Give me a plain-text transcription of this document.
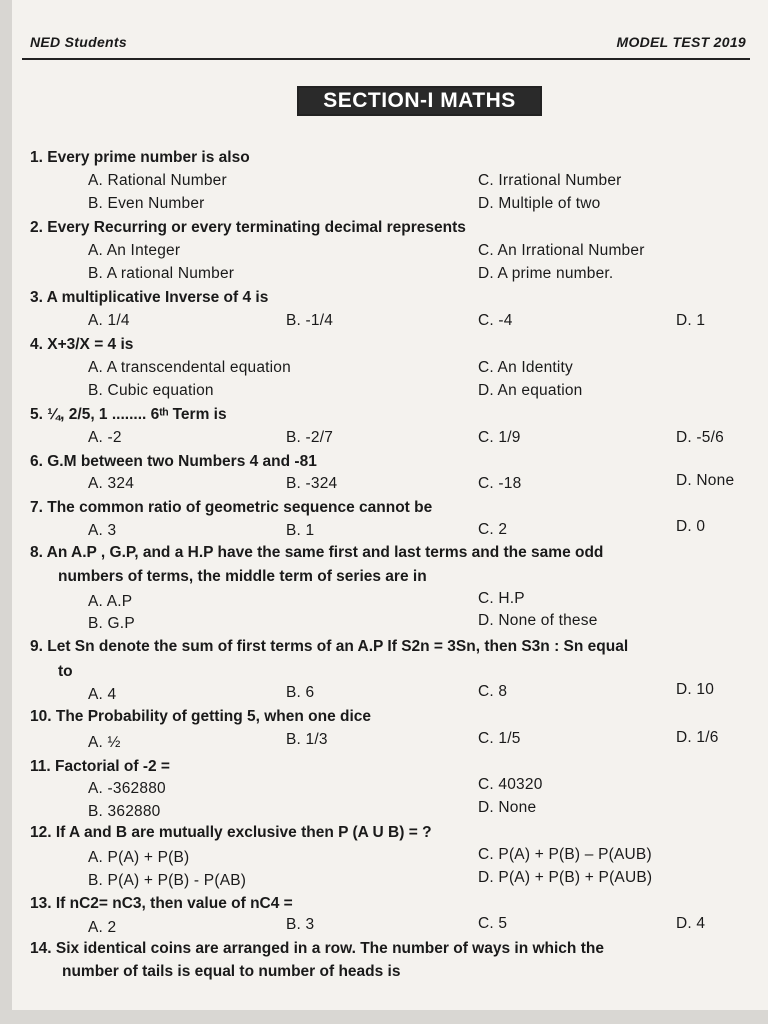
NED Students	MODEL TEST 2019
SECTION-I MATHS
1. Every prime number is also
A. Rational Number	C. Irrational Number
B. Even Number	D. Multiple of two
2. Every Recurring or every terminating decimal represents
A. An Integer	C. An Irrational Number
B. A rational Number	D. A prime number.
3. A multiplicative Inverse of 4 is
A. 1/4	B. -1/4	C. -4	D. 1
4. X+3/X = 4 is
A. A transcendental equation	C. An Identity
B. Cubic equation	D. An equation
5. ¼, 2/5, 1 ........ 6ᵗʰ Term is
A. -2	B. -2/7	C. 1/9	D. -5/6
6. G.M between two Numbers 4 and -81
A. 324	B. -324	C. -18	D. None
7. The common ratio of geometric sequence cannot be
A. 3	B. 1	C. 2	D. 0
8. An A.P , G.P, and a H.P have the same first and last terms and the same odd
numbers of terms, the middle term of series are in
A. A.P	C. H.P
B. G.P	D. None of these
9. Let Sn denote the sum of first terms of an A.P If S2n = 3Sn, then S3n : Sn equal
to
A. 4	B. 6	C. 8	D. 10
10. The Probability of getting 5, when one dice
A. ½	B. 1/3	C. 1/5	D. 1/6
11. Factorial of -2 =
A. -362880	C. 40320
B. 362880	D. None
12. If A and B are mutually exclusive then P (A U B) = ?
A. P(A) + P(B)	C. P(A) + P(B) – P(AUB)
B. P(A) + P(B) - P(AB)	D. P(A) + P(B) + P(AUB)
13. If nC2= nC3, then value of nC4 =
A. 2	B. 3	C. 5	D. 4
14. Six identical coins are arranged in a row. The number of ways in which the
number of tails is equal to number of heads is
